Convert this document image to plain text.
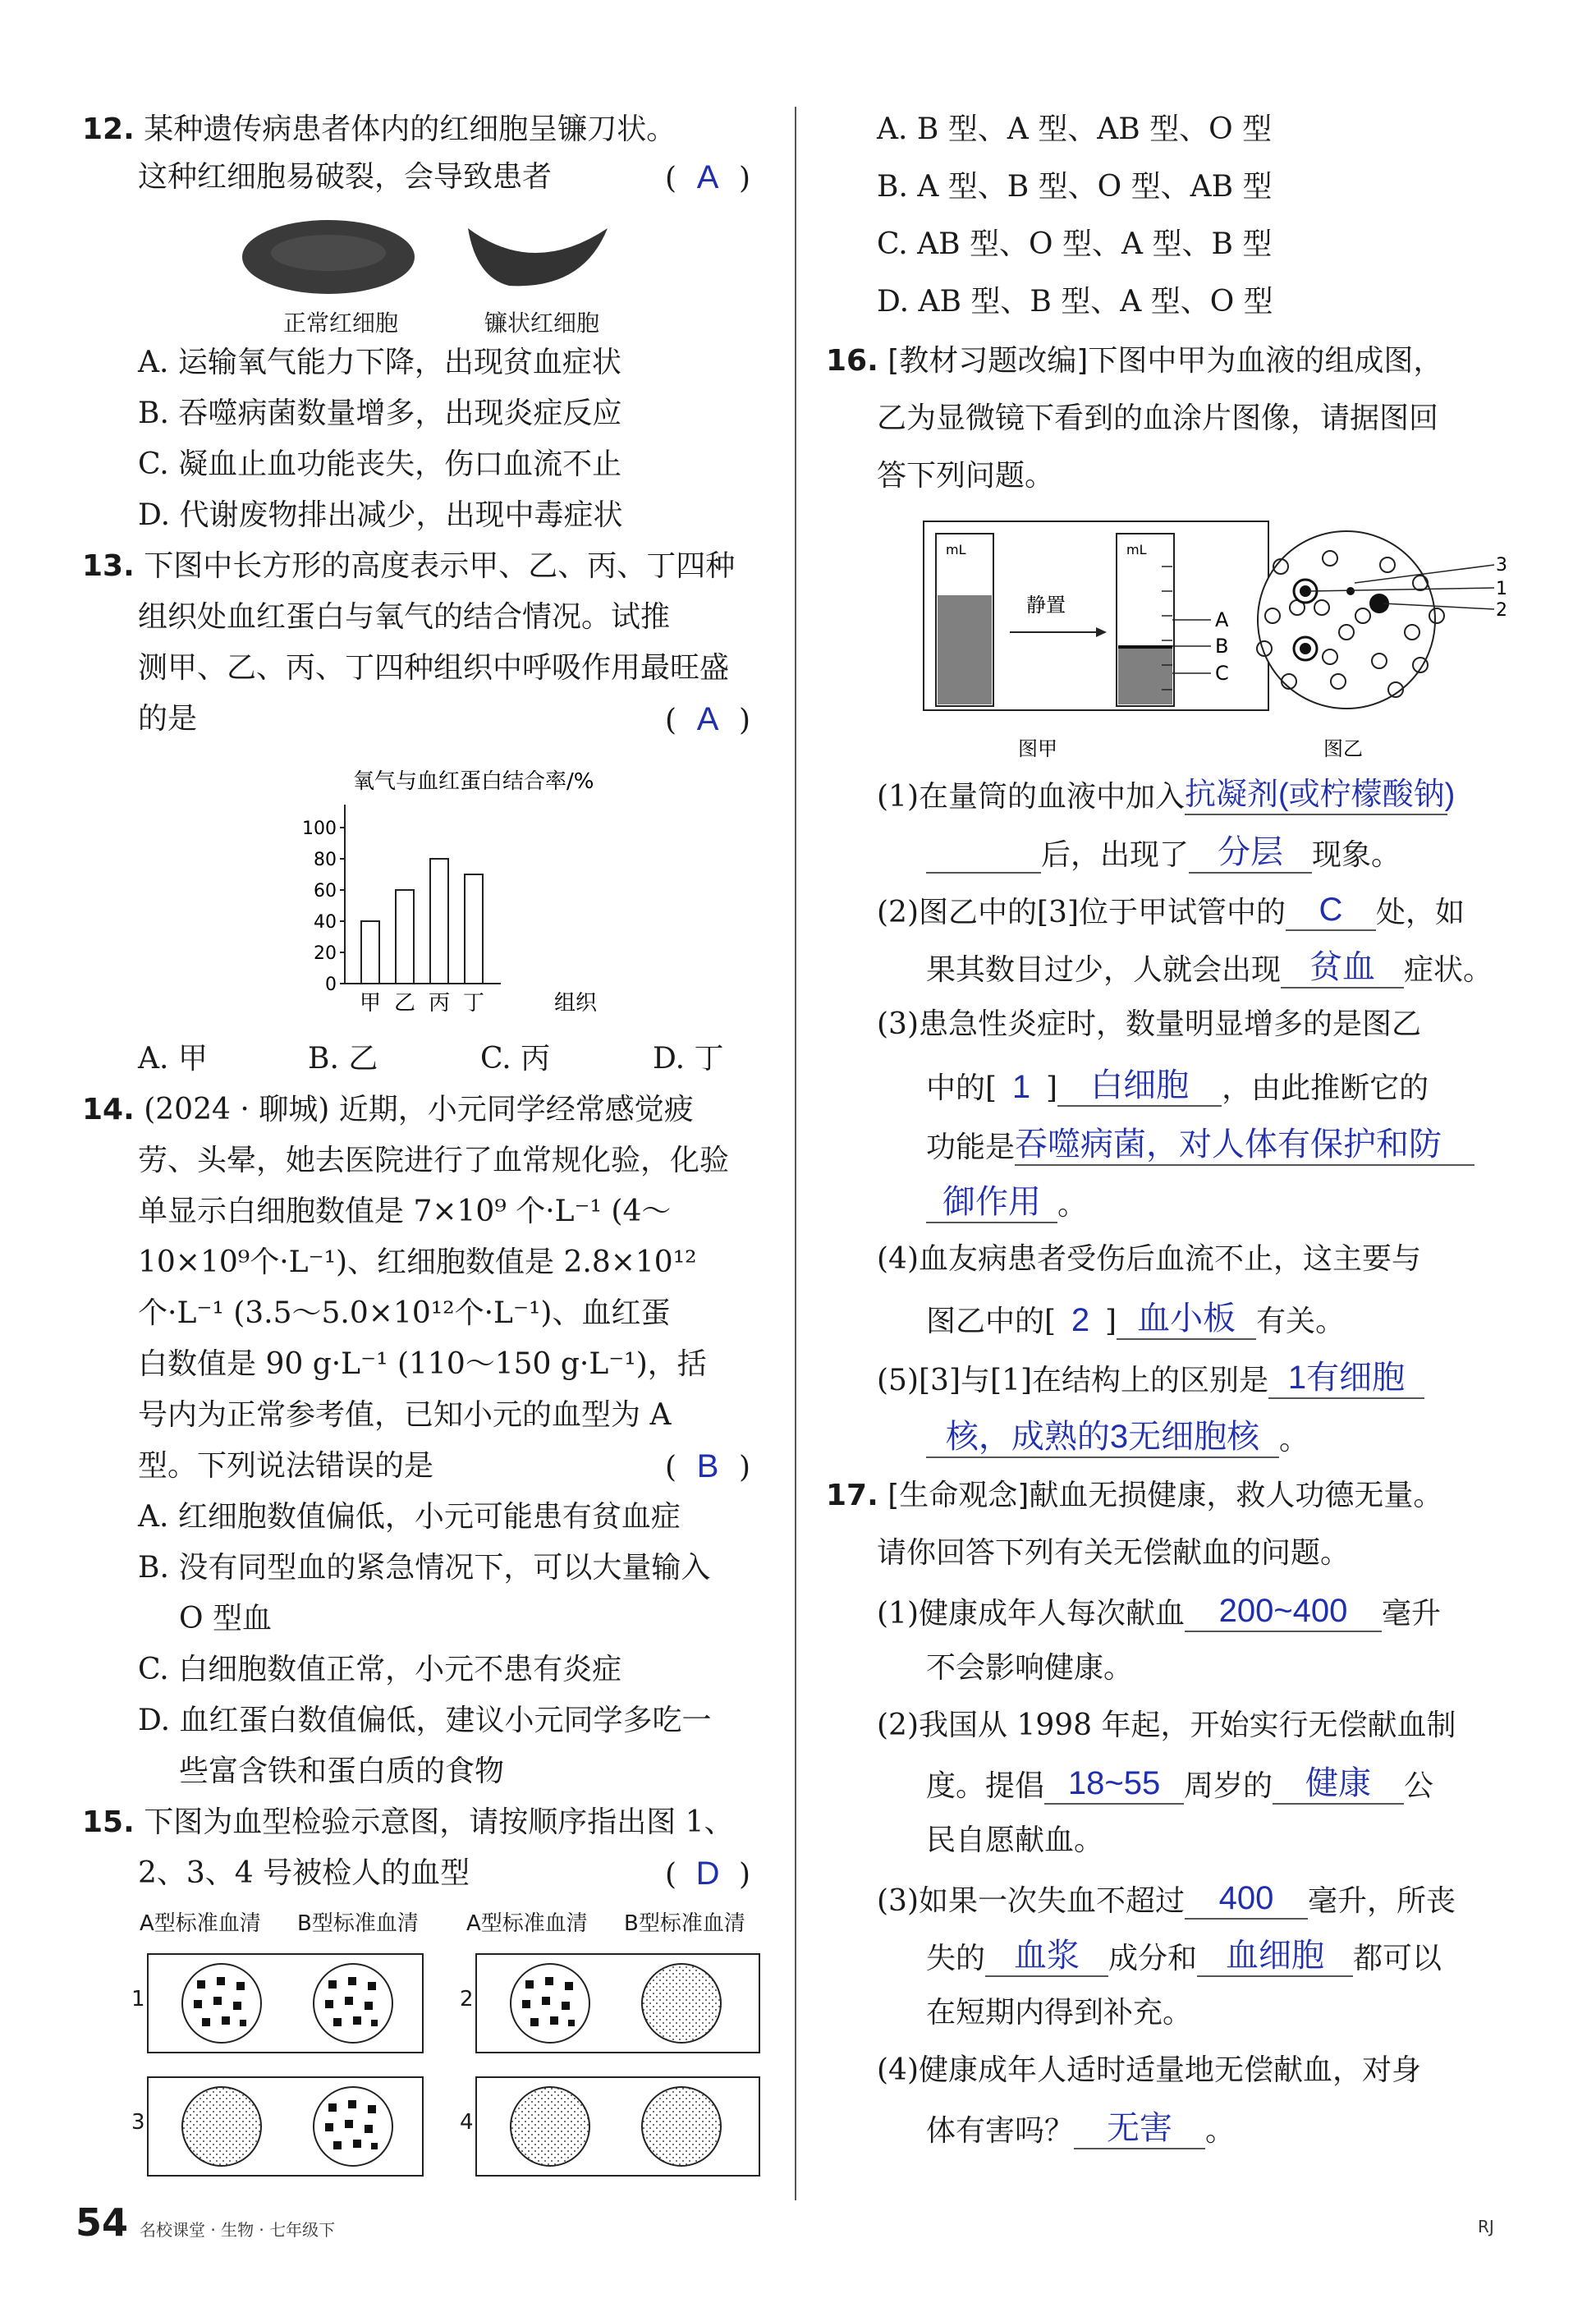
12. 某种遗传病患者体内的红细胞呈镰刀状。
这种红细胞易破裂，会导致患者	( A )
正常红细胞	镰状红细胞
A. 运输氧气能力下降，出现贫血症状
B. 吞噬病菌数量增多，出现炎症反应
C. 凝血止血功能丧失，伤口血流不止
D. 代谢废物排出减少，出现中毒症状
13. 下图中长方形的高度表示甲、乙、丙、丁四种
组织处血红蛋白与氧气的结合情况。试推
测甲、乙、丙、丁四种组织中呼吸作用最旺盛
的是	( A )
氧气与血红蛋白结合率/%
0
20
40
60
80
100
甲 乙 丙 丁	组织
A. 甲	B. 乙	C. 丙	D. 丁
14. (2024 · 聊城) 近期，小元同学经常感觉疲
劳、头晕，她去医院进行了血常规化验，化验
单显示白细胞数值是 7×10⁹ 个·L⁻¹ (4～
10×10⁹个·L⁻¹)、红细胞数值是 2.8×10¹²
个·L⁻¹ (3.5～5.0×10¹²个·L⁻¹)、血红蛋
白数值是 90 g·L⁻¹ (110～150 g·L⁻¹)，括
号内为正常参考值，已知小元的血型为 A
型。下列说法错误的是	( B )
A. 红细胞数值偏低，小元可能患有贫血症
B. 没有同型血的紧急情况下，可以大量输入
O 型血
C. 白细胞数值正常，小元不患有炎症
D. 血红蛋白数值偏低，建议小元同学多吃一
些富含铁和蛋白质的食物
15. 下图为血型检验示意图，请按顺序指出图 1、
2、3、4 号被检人的血型	( D )
A型标准血清 B型标准血清 A型标准血清 B型标准血清
1	2
3	4
A. B 型、A 型、AB 型、O 型
B. A 型、B 型、O 型、AB 型
C. AB 型、O 型、A 型、B 型
D. AB 型、B 型、A 型、O 型
16. [教材习题改编]下图中甲为血液的组成图，
乙为显微镜下看到的血涂片图像，请据图回
答下列问题。
mL
静置
mL
A
B
C
3
1
2
图甲	图乙
(1)在量筒的血液中加入抗凝剂(或柠檬酸钠)
后，出现了 分层 现象。
(2)图乙中的[3]位于甲试管中的 C 处，如
果其数目过少，人就会出现 贫血 症状。
(3)患急性炎症时，数量明显增多的是图乙
中的[ 1 ] 白细胞 ，由此推断它的
功能是吞噬病菌，对人体有保护和防
御作用 。
(4)血友病患者受伤后血流不止，这主要与
图乙中的[ 2 ] 血小板 有关。
(5)[3]与[1]在结构上的区别是 1有细胞
核，成熟的3无细胞核 。
17. [生命观念]献血无损健康，救人功德无量。
请你回答下列有关无偿献血的问题。
(1)健康成年人每次献血 200~400 毫升
不会影响健康。
(2)我国从 1998 年起，开始实行无偿献血制
度。提倡 18~55 周岁的 健康 公
民自愿献血。
(3)如果一次失血不超过 400 毫升，所丧
失的 血浆 成分和 血细胞 都可以
在短期内得到补充。
(4)健康成年人适时适量地无偿献血，对身
体有害吗？ 无害 。
54 名校课堂 · 生物 · 七年级下	RJ
